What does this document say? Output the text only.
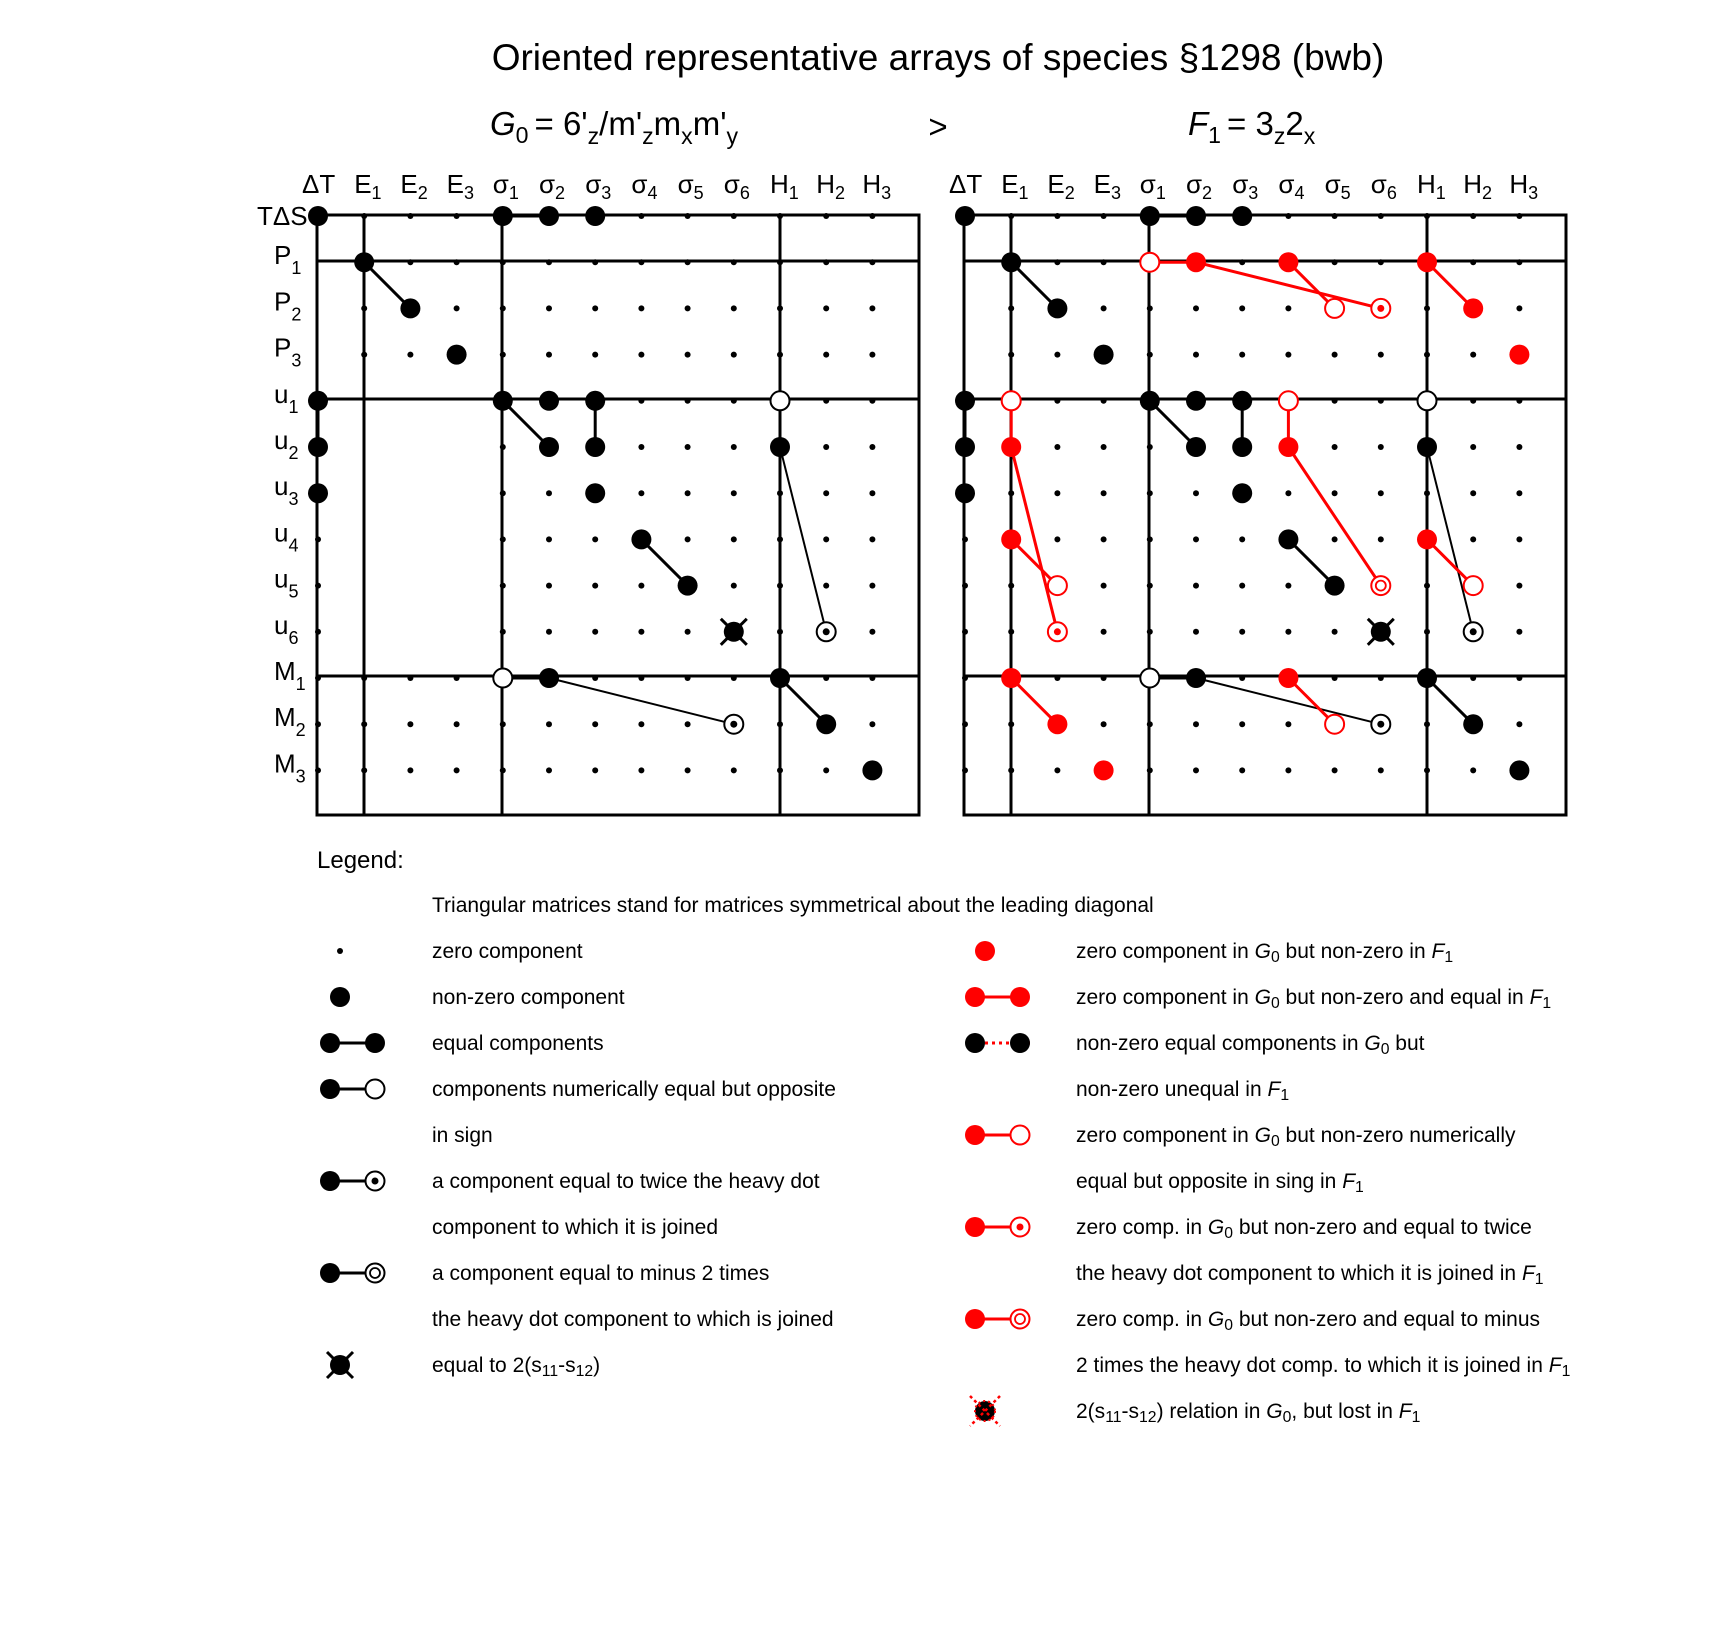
Oriented representative arrays of species §1298 (bwb)
>
G0 = 6'z/m'zmxm'y	F1 = 3z2x
ΔT E1 E2 E3 σ1 σ2 σ3 σ4 σ5 σ6 H1 H2 H3
TΔS
P1
P2
P3
u1
u2
u3
u4
u5
u6
M1
M2
M3
ΔT E1 E2 E3 σ1 σ2 σ3 σ4 σ5 σ6 H1 H2 H3
Legend:
Triangular matrices stand for matrices symmetrical about the leading diagonal
zero component
non-zero component
equal components
components numerically equal but opposite
in sign
a component equal to twice the heavy dot
component to which it is joined
a component equal to minus 2 times
the heavy dot component to which is joined
equal to 2(s11-s12)
zero component in G0 but non-zero in F1
zero component in G0 but non-zero and equal in F1
non-zero equal components in G0 but
non-zero unequal in F1
zero component in G0 but non-zero numerically
equal but opposite in sing in F1
zero comp. in G0 but non-zero and equal to twice
the heavy dot component to which it is joined in F1
zero comp. in G0 but non-zero and equal to minus
2 times the heavy dot comp. to which it is joined in F1
2(s11-s12) relation in G0, but lost in F1
